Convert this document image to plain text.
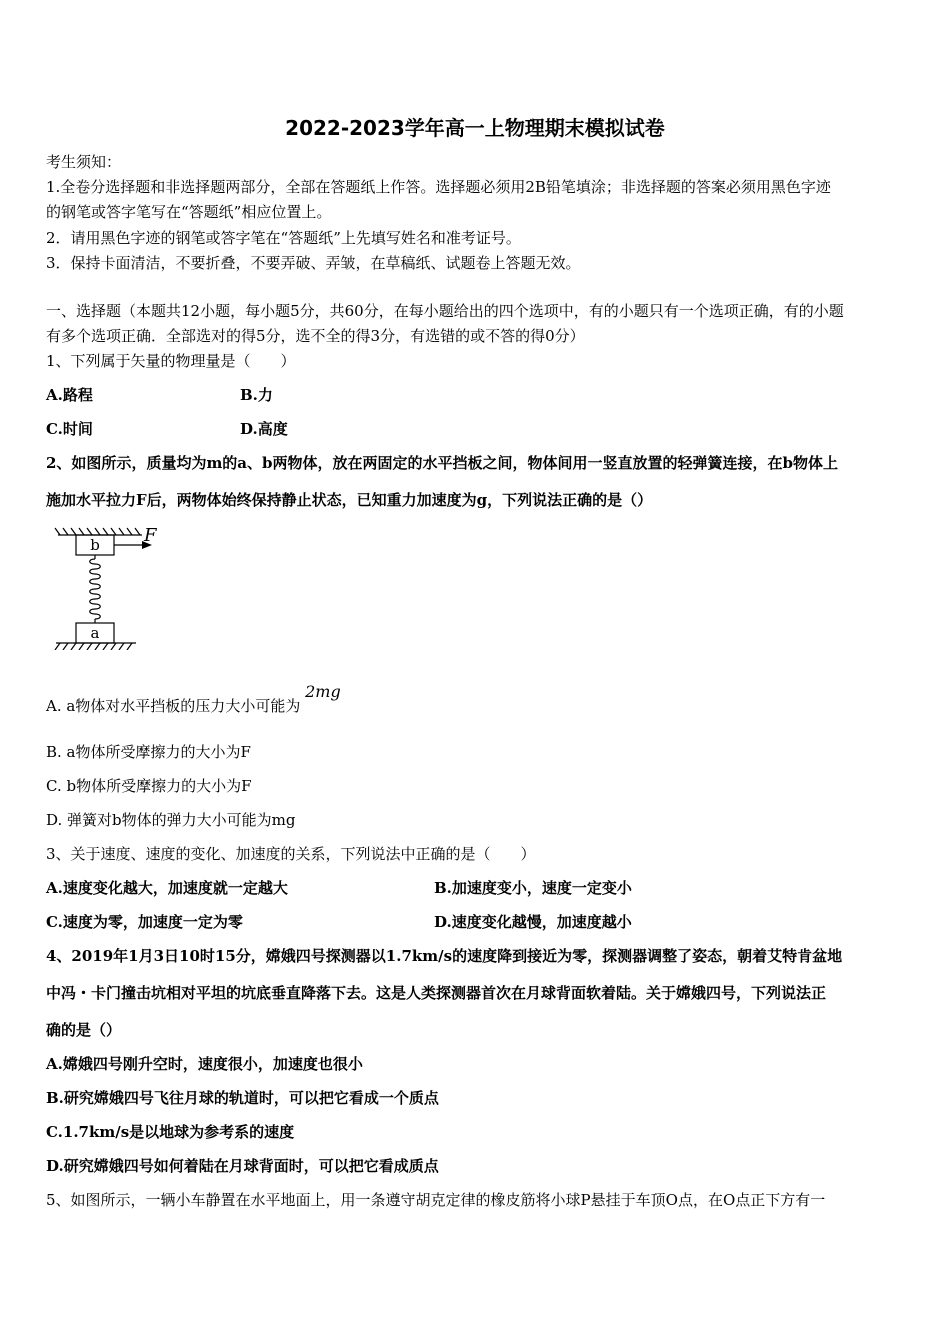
2022-2023学年高一上物理期末模拟试卷
考生须知：
1.全卷分选择题和非选择题两部分，全部在答题纸上作答。选择题必须用2B铅笔填涂；非选择题的答案必须用黑色字迹
的钢笔或答字笔写在“答题纸”相应位置上。
2．请用黑色字迹的钢笔或答字笔在“答题纸”上先填写姓名和准考证号。
3．保持卡面清洁，不要折叠，不要弄破、弄皱，在草稿纸、试题卷上答题无效。
一、选择题（本题共12小题，每小题5分，共60分，在每小题给出的四个选项中，有的小题只有一个选项正确，有的小题
有多个选项正确．全部选对的得5分，选不全的得3分，有选错的或不答的得0分）
1、下列属于矢量的物理量是（　　）
A.路程	B.力
C.时间	D.高度
2、如图所示，质量均为m的a、b两物体，放在两固定的水平挡板之间，物体间用一竖直放置的轻弹簧连接，在b物体上
施加水平拉力F后，两物体始终保持静止状态，已知重力加速度为g，下列说法正确的是（）
b
a
F
A. a物体对水平挡板的压力大小可能为 2mg
B. a物体所受摩擦力的大小为F
C. b物体所受摩擦力的大小为F
D. 弹簧对b物体的弹力大小可能为mg
3、关于速度、速度的变化、加速度的关系，下列说法中正确的是（　　）
A.速度变化越大，加速度就一定越大	B.加速度变小，速度一定变小
C.速度为零，加速度一定为零	D.速度变化越慢，加速度越小
4、2019年1月3日10时15分，嫦娥四号探测器以1.7km/s的速度降到接近为零，探测器调整了姿态，朝着艾特肯盆地
中冯・卡门撞击坑相对平坦的坑底垂直降落下去。这是人类探测器首次在月球背面软着陆。关于嫦娥四号，下列说法正
确的是（）
A.嫦娥四号刚升空时，速度很小，加速度也很小
B.研究嫦娥四号飞往月球的轨道时，可以把它看成一个质点
C.1.7km/s是以地球为参考系的速度
D.研究嫦娥四号如何着陆在月球背面时，可以把它看成质点
5、如图所示，一辆小车静置在水平地面上，用一条遵守胡克定律的橡皮筋将小球P悬挂于车顶O点，在O点正下方有一
